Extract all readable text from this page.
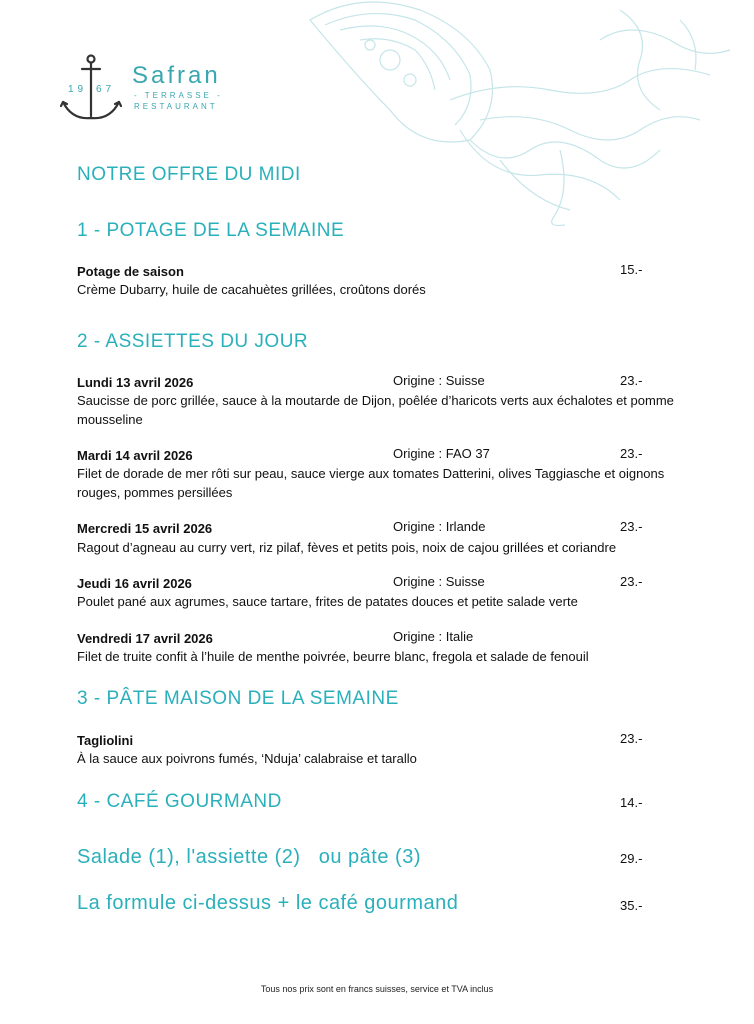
19 67
Safran
- TERRASSE -
RESTAURANT
NOTRE OFFRE DU MIDI
1 - POTAGE DE LA SEMAINE
Potage de saison	15.-
Crème Dubarry, huile de cacahuètes grillées, croûtons dorés
2 - ASSIETTES DU JOUR
Lundi 13 avril 2026	Origine : Suisse	23.-
Saucisse de porc grillée, sauce à la moutarde de Dijon, poêlée d’haricots verts aux échalotes et pomme mousseline
Mardi 14 avril 2026	Origine : FAO 37	23.-
Filet de dorade de mer rôti sur peau, sauce vierge aux tomates Datterini, olives Taggiasche et oignons rouges, pommes persillées
Mercredi 15 avril 2026	Origine : Irlande	23.-
Ragout d’agneau au curry vert, riz pilaf, fèves et petits pois, noix de cajou grillées et coriandre
Jeudi 16 avril 2026	Origine : Suisse	23.-
Poulet pané aux agrumes, sauce tartare, frites de patates douces et petite salade verte
Vendredi 17 avril 2026	Origine : Italie
Filet de truite confit à l’huile de menthe poivrée, beurre blanc, fregola et salade de fenouil
3 - PÂTE MAISON DE LA SEMAINE
Tagliolini	23.-
À la sauce aux poivrons fumés, ‘Nduja’ calabraise et tarallo
4 - CAFÉ GOURMAND	14.-
Salade (1), l'assiette (2)   ou pâte (3)	29.-
La formule ci-dessus + le café gourmand	35.-
Tous nos prix sont en francs suisses, service et TVA inclus
